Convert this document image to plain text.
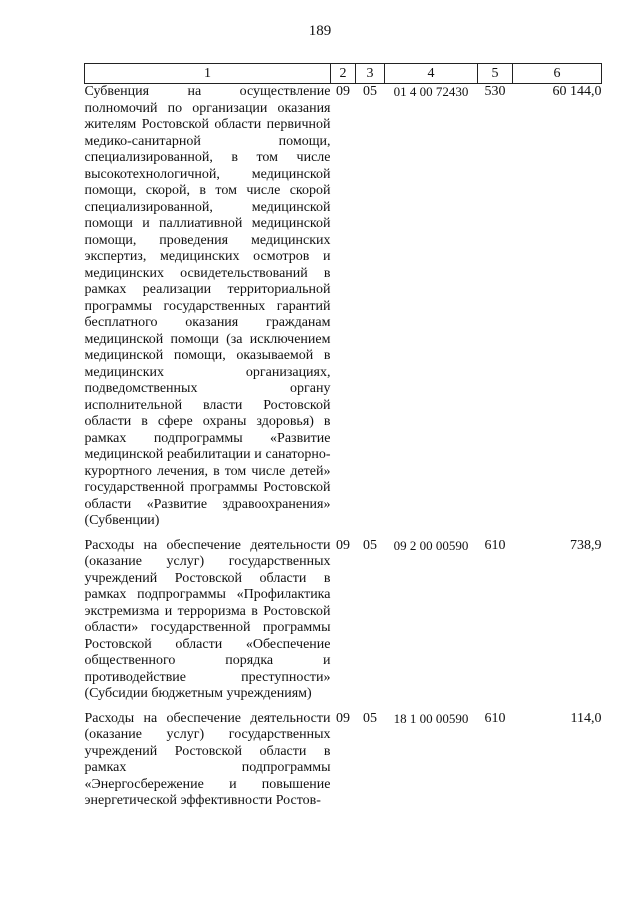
189
1	2	3	4	5	6
Субвенция на осуществление полномочий по организации оказания жителям Ростовской области первичной медико-санитарной помощи, специализированной, в том числе высокотехнологичной, медицинской помощи, скорой, в том числе скорой специализированной, медицинской помощи и паллиативной медицинской помощи, проведения медицинских экспертиз, медицинских осмотров и медицинских освидетельствований в рамках реализации территориальной программы государственных гарантий бесплатного оказания гражданам медицинской помощи (за исключением медицинской помощи, оказываемой в медицинских организациях, подведомственных органу исполнительной власти Ростовской области в сфере охраны здоровья) в рамках подпрограммы «Развитие медицинской реабилитации и санаторно-курортного лечения, в том числе детей» государственной программы Ростовской области «Развитие здравоохранения» (Субвенции)	09	05	01 4 00 72430	530	60 144,0
Расходы на обеспечение деятельности (оказание услуг) государственных учреждений Ростовской области в рамках подпрограммы «Профилактика экстремизма и терроризма в Ростовской области» государственной программы Ростовской области «Обеспечение общественного порядка и противодействие преступности» (Субсидии бюджетным учреждениям)	09	05	09 2 00 00590	610	738,9
Расходы на обеспечение деятельности (оказание услуг) государственных учреждений Ростовской области в рамках подпрограммы «Энергосбережение и повышение энергетической эффективности Ростов-	09	05	18 1 00 00590	610	114,0
